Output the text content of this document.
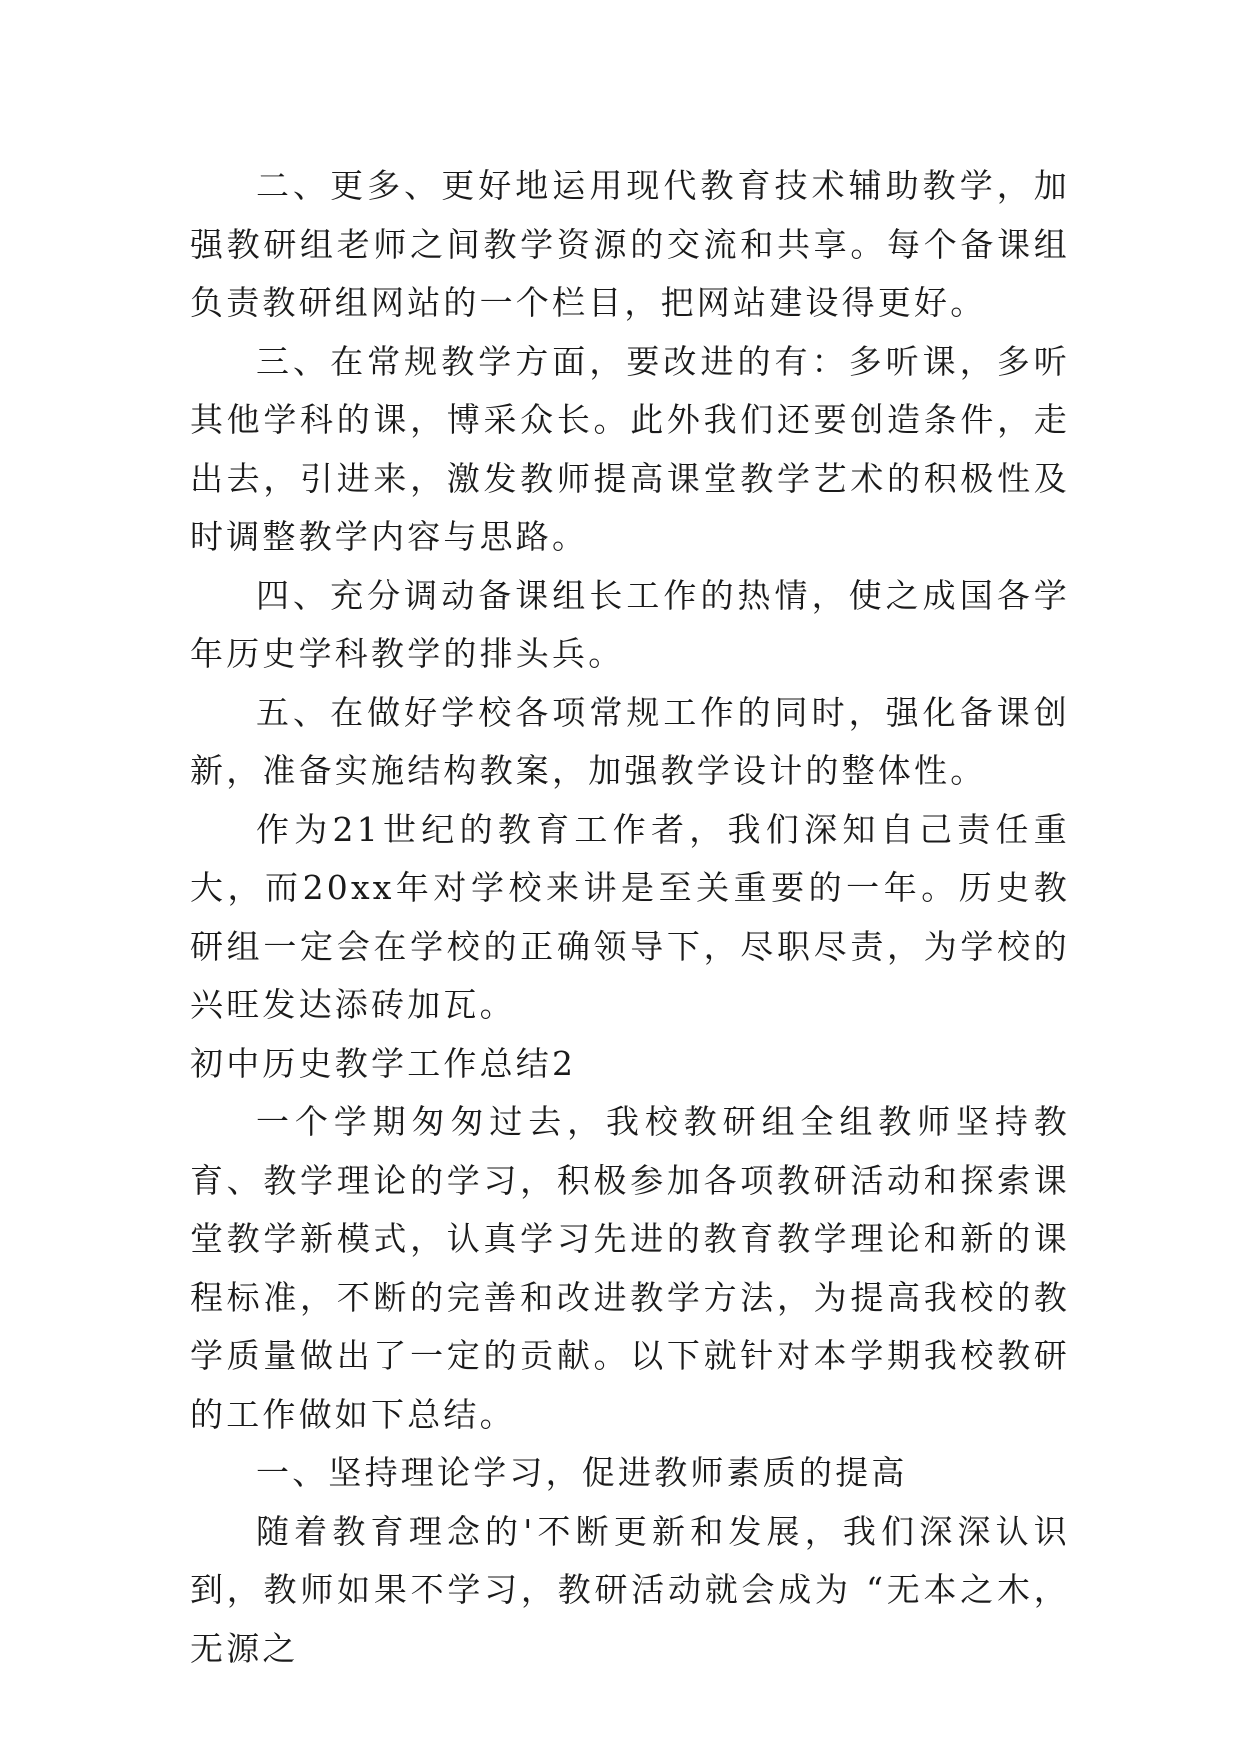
二、更多、更好地运用现代教育技术辅助教学，加强教研组老师之间教学资源的交流和共享。每个备课组负责教研组网站的一个栏目，把网站建设得更好。

三、在常规教学方面，要改进的有：多听课，多听其他学科的课，博采众长。此外我们还要创造条件，走出去，引进来，激发教师提高课堂教学艺术的积极性及时调整教学内容与思路。

四、充分调动备课组长工作的热情，使之成国各学年历史学科教学的排头兵。

五、在做好学校各项常规工作的同时，强化备课创新，准备实施结构教案，加强教学设计的整体性。

作为21世纪的教育工作者，我们深知自己责任重大，而20xx年对学校来讲是至关重要的一年。历史教研组一定会在学校的正确领导下，尽职尽责，为学校的兴旺发达添砖加瓦。

初中历史教学工作总结2

一个学期匆匆过去，我校教研组全组教师坚持教育、教学理论的学习，积极参加各项教研活动和探索课堂教学新模式，认真学习先进的教育教学理论和新的课程标准，不断的完善和改进教学方法，为提高我校的教学质量做出了一定的贡献。以下就针对本学期我校教研的工作做如下总结。

一、坚持理论学习，促进教师素质的提高

随着教育理念的'不断更新和发展，我们深深认识到，教师如果不学习，教研活动就会成为 “无本之木，无源之
